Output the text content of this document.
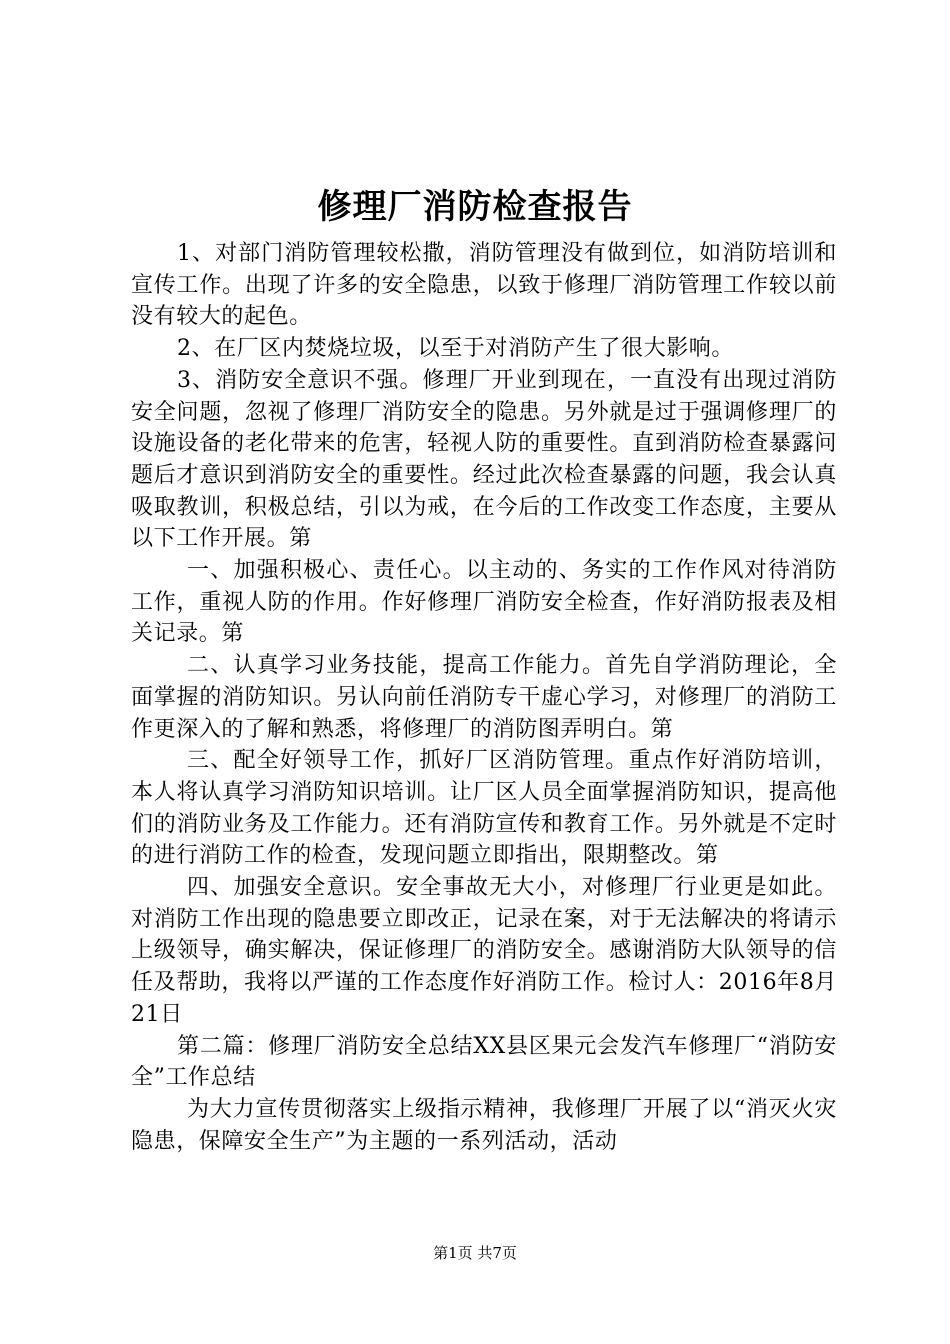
修理厂消防检查报告

1、对部门消防管理较松撒，消防管理没有做到位，如消防培训和宣传工作。出现了许多的安全隐患，以致于修理厂消防管理工作较以前没有较大的起色。

2、在厂区内焚烧垃圾，以至于对消防产生了很大影响。

3、消防安全意识不强。修理厂开业到现在，一直没有出现过消防安全问题，忽视了修理厂消防安全的隐患。另外就是过于强调修理厂的设施设备的老化带来的危害，轻视人防的重要性。直到消防检查暴露问题后才意识到消防安全的重要性。经过此次检查暴露的问题，我会认真吸取教训，积极总结，引以为戒，在今后的工作改变工作态度，主要从以下工作开展。第

一、加强积极心、责任心。以主动的、务实的工作作风对待消防工作，重视人防的作用。作好修理厂消防安全检查，作好消防报表及相关记录。第

二、认真学习业务技能，提高工作能力。首先自学消防理论，全面掌握的消防知识。另认向前任消防专干虚心学习，对修理厂的消防工作更深入的了解和熟悉，将修理厂的消防图弄明白。第

三、配全好领导工作，抓好厂区消防管理。重点作好消防培训，本人将认真学习消防知识培训。让厂区人员全面掌握消防知识，提高他们的消防业务及工作能力。还有消防宣传和教育工作。另外就是不定时的进行消防工作的检查，发现问题立即指出，限期整改。第

四、加强安全意识。安全事故无大小，对修理厂行业更是如此。对消防工作出现的隐患要立即改正，记录在案，对于无法解决的将请示上级领导，确实解决，保证修理厂的消防安全。感谢消防大队领导的信任及帮助，我将以严谨的工作态度作好消防工作。检讨人：2016年8月21日

第二篇：修理厂消防安全总结XX县区果元会发汽车修理厂“消防安全”工作总结

为大力宣传贯彻落实上级指示精神，我修理厂开展了以“消灭火灾隐患，保障安全生产”为主题的一系列活动，活动

第1页 共7页
